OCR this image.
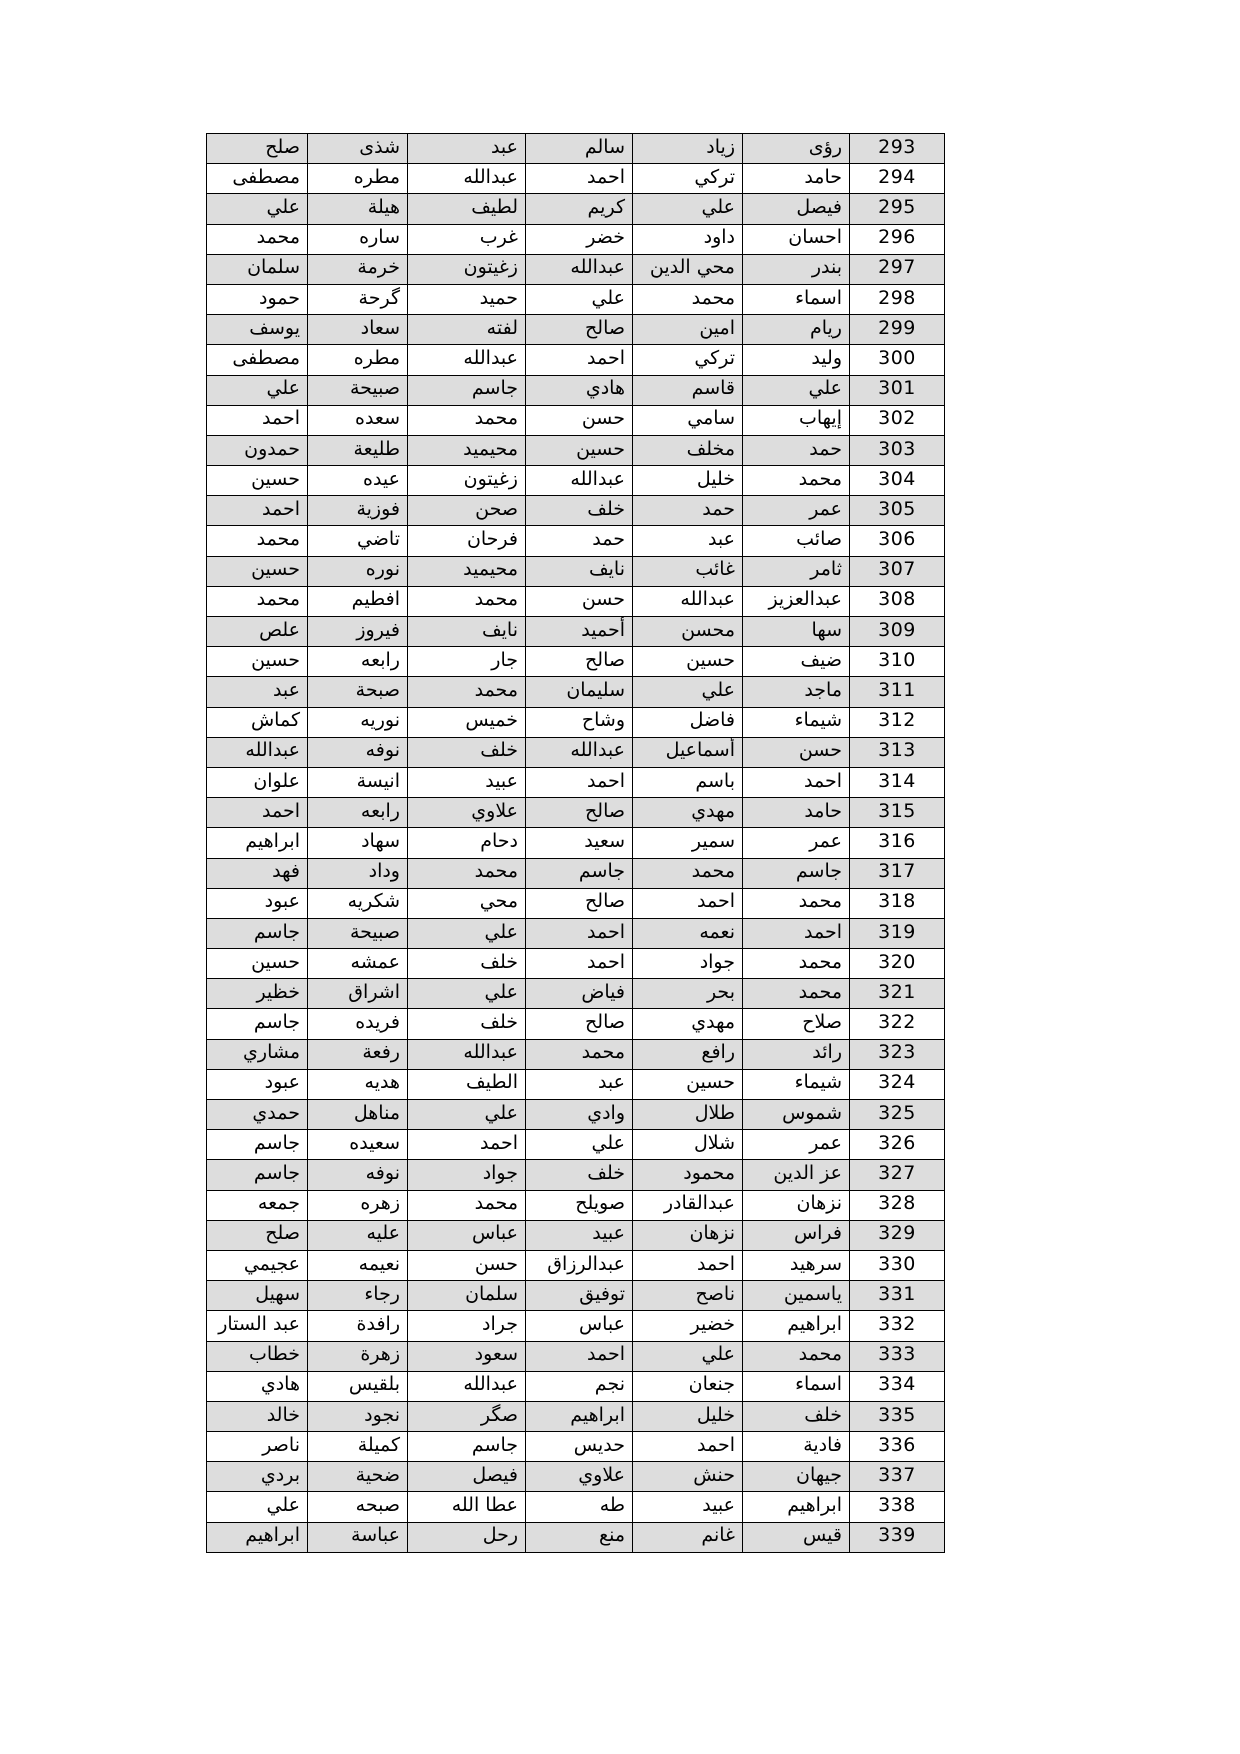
293	رؤى	زياد	سالم	عبد	شذى	صلح
294	حامد	تركي	احمد	عبدالله	مطره	مصطفى
295	فيصل	علي	كريم	لطيف	هيلة	علي
296	احسان	داود	خضر	غرب	ساره	محمد
297	بندر	محي الدين	عبدالله	زغيتون	خرمة	سلمان
298	اسماء	محمد	علي	حميد	گرحة	حمود
299	ريام	امين	صالح	لفته	سعاد	يوسف
300	وليد	تركي	احمد	عبدالله	مطره	مصطفى
301	علي	قاسم	هادي	جاسم	صبيحة	علي
302	إيهاب	سامي	حسن	محمد	سعده	احمد
303	حمد	مخلف	حسين	محيميد	طليعة	حمدون
304	محمد	خليل	عبدالله	زغيتون	عيده	حسين
305	عمر	حمد	خلف	صحن	فوزية	احمد
306	صائب	عبد	حمد	فرحان	تاضي	محمد
307	ثامر	غائب	نايف	محيميد	نوره	حسين
308	عبدالعزيز	عبدالله	حسن	محمد	افطيم	محمد
309	سها	محسن	أحميد	نايف	فيروز	علص
310	ضيف	حسين	صالح	جار	رابعه	حسين
311	ماجد	علي	سليمان	محمد	صبحة	عبد
312	شيماء	فاضل	وشاح	خميس	نوريه	كماش
313	حسن	أسماعيل	عبدالله	خلف	نوفه	عبدالله
314	احمد	باسم	احمد	عبيد	انيسة	علوان
315	حامد	مهدي	صالح	علاوي	رابعه	احمد
316	عمر	سمير	سعيد	دحام	سهاد	ابراهيم
317	جاسم	محمد	جاسم	محمد	وداد	فهد
318	محمد	احمد	صالح	محي	شكريه	عبود
319	احمد	نعمه	احمد	علي	صبيحة	جاسم
320	محمد	جواد	احمد	خلف	عمشه	حسين
321	محمد	بحر	فياض	علي	اشراق	خظير
322	صلاح	مهدي	صالح	خلف	فريده	جاسم
323	رائد	رافع	محمد	عبدالله	رفعة	مشاري
324	شيماء	حسين	عبد	الطيف	هديه	عبود
325	شموس	طلال	وادي	علي	مناهل	حمدي
326	عمر	شلال	علي	احمد	سعيده	جاسم
327	عز الدين	محمود	خلف	جواد	نوفه	جاسم
328	نزهان	عبدالقادر	صويلح	محمد	زهره	جمعه
329	فراس	نزهان	عبيد	عباس	عليه	صلح
330	سرهيد	احمد	عبدالرزاق	حسن	نعيمه	عجيمي
331	ياسمين	ناصح	توفيق	سلمان	رجاء	سهيل
332	ابراهيم	خضير	عباس	جراد	رافدة	عبد الستار
333	محمد	علي	احمد	سعود	زهرة	خطاب
334	اسماء	جنعان	نجم	عبدالله	بلقيس	هادي
335	خلف	خليل	ابراهيم	صگر	نجود	خالد
336	فادية	احمد	حديس	جاسم	كميلة	ناصر
337	جيهان	حنش	علاوي	فيصل	ضحية	بردي
338	ابراهيم	عبيد	طه	عطا الله	صبحه	علي
339	قيس	غانم	منع	رحل	عباسة	ابراهيم
